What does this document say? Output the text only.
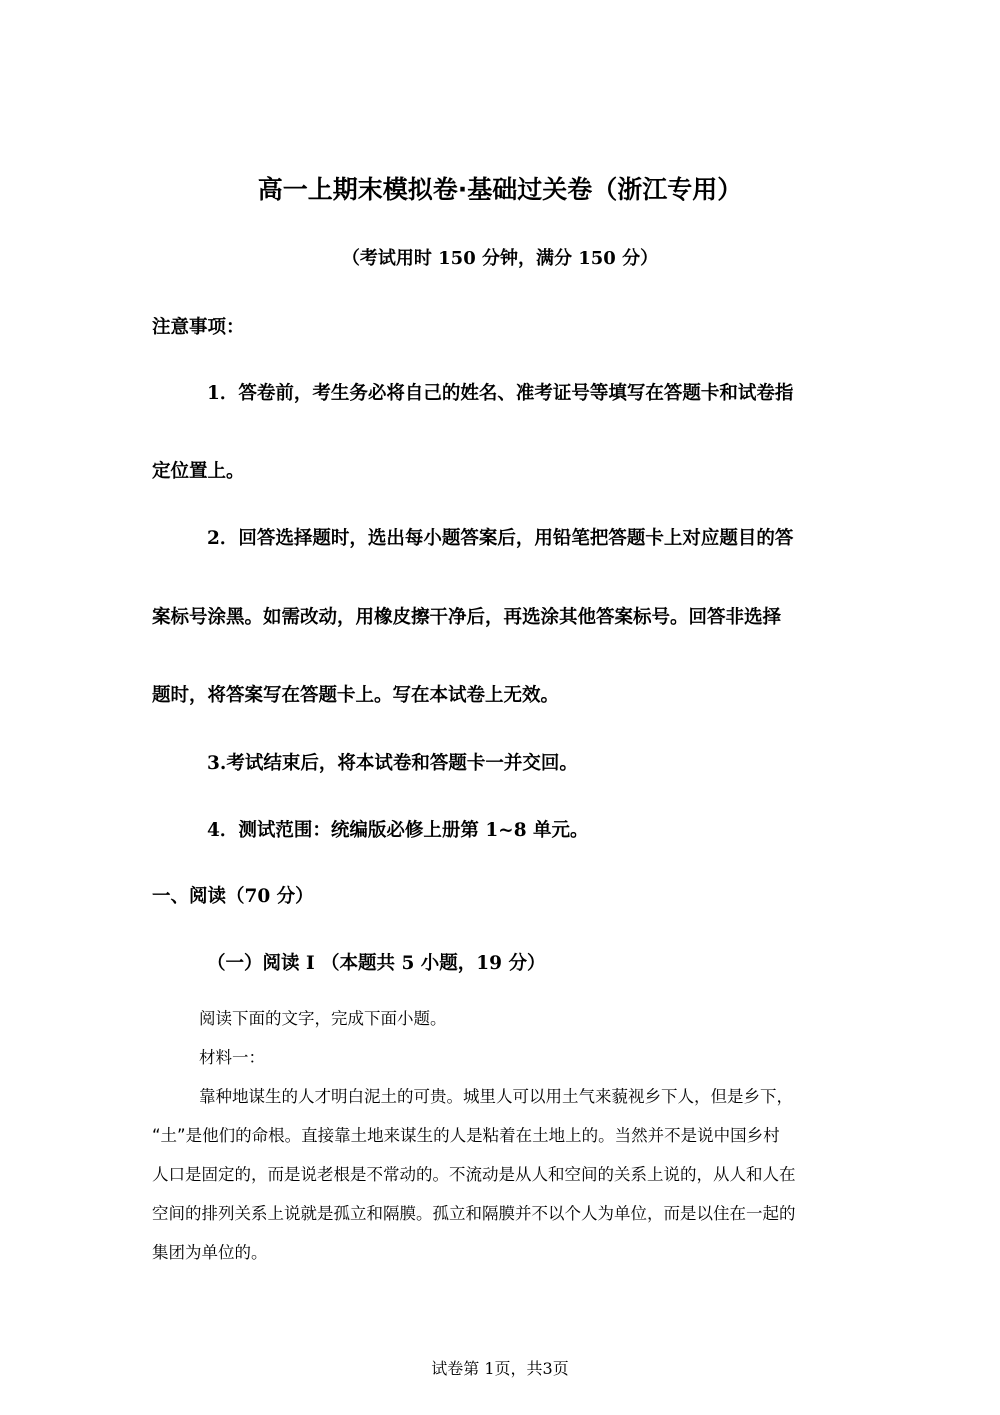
高一上期末模拟卷·基础过关卷（浙江专用）
（考试用时 150 分钟，满分 150 分）
注意事项：
1．答卷前，考生务必将自己的姓名、准考证号等填写在答题卡和试卷指
定位置上。
2．回答选择题时，选出每小题答案后，用铅笔把答题卡上对应题目的答
案标号涂黑。如需改动，用橡皮擦干净后，再选涂其他答案标号。回答非选择
题时，将答案写在答题卡上。写在本试卷上无效。
3.考试结束后，将本试卷和答题卡一并交回。
4．测试范围：统编版必修上册第 1~8 单元。
一、阅读（70 分）
（一）阅读 I （本题共 5 小题，19 分）
阅读下面的文字，完成下面小题。
材料一：
靠种地谋生的人才明白泥土的可贵。城里人可以用土气来藐视乡下人，但是乡下，
“土”是他们的命根。直接靠土地来谋生的人是粘着在土地上的。当然并不是说中国乡村
人口是固定的，而是说老根是不常动的。不流动是从人和空间的关系上说的，从人和人在
空间的排列关系上说就是孤立和隔膜。孤立和隔膜并不以个人为单位，而是以住在一起的
集团为单位的。
试卷第 1页，共3页
